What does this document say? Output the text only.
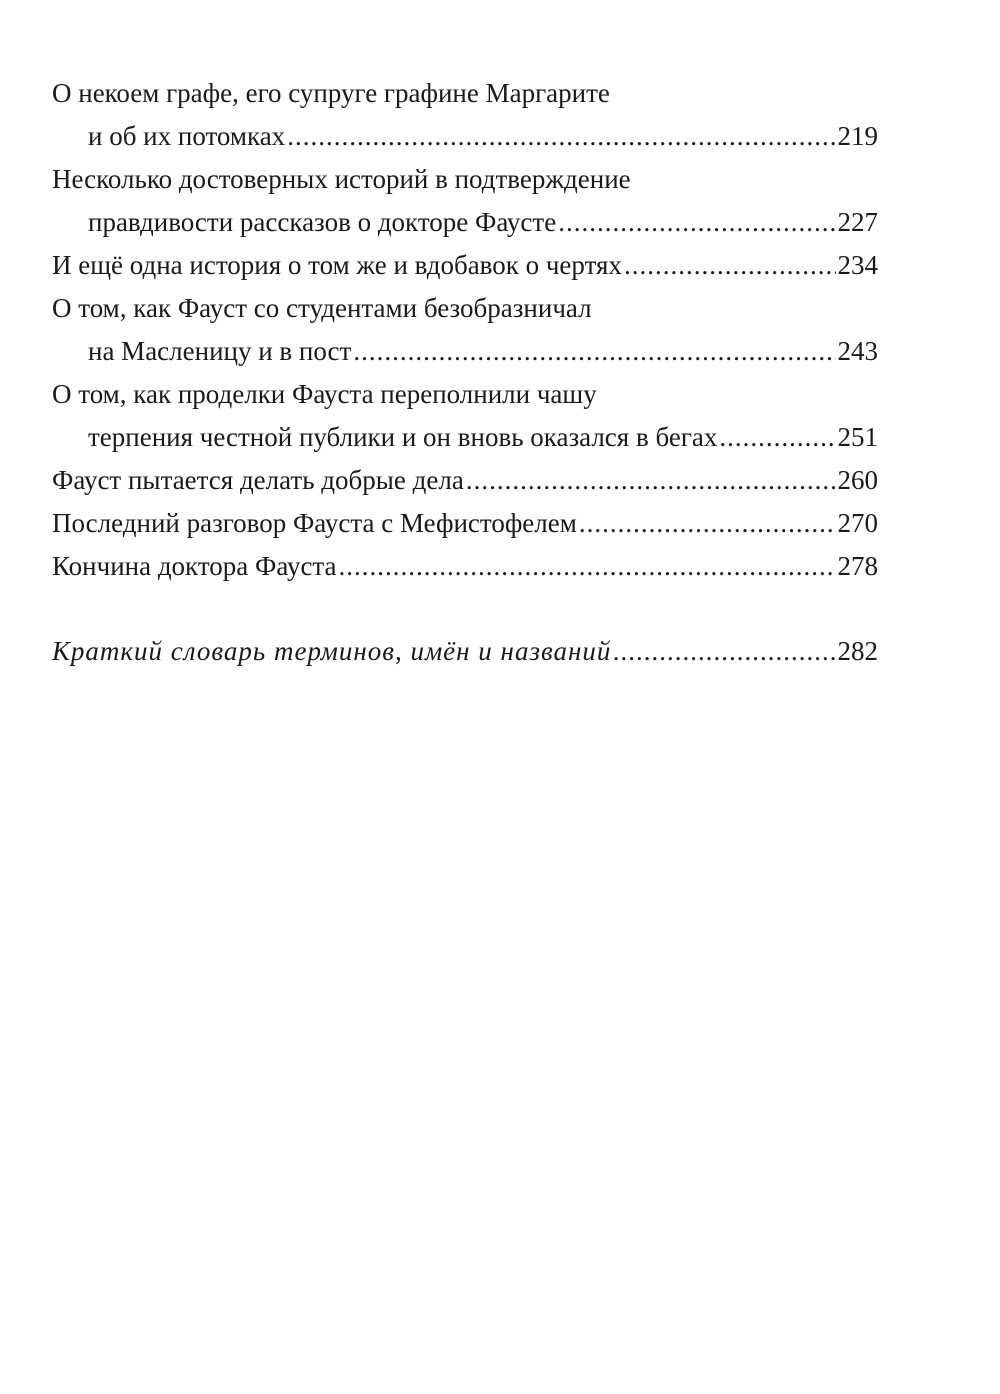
О некоем графе, его супруге графине Маргарите
и об их потомках .....	219
Несколько достоверных историй в подтверждение
правдивости рассказов о докторе Фаусте .....	227
И ещё одна история о том же и вдобавок о чертях .....	234
О том, как Фауст со студентами безобразничал
на Масленицу и в пост .....	243
О том, как проделки Фауста переполнили чашу
терпения честной публики и он вновь оказался в бегах .....	251
Фауст пытается делать добрые дела .....	260
Последний разговор Фауста с Мефистофелем .....	270
Кончина доктора Фауста .....	278
Краткий словарь терминов, имён и названий .....	282
